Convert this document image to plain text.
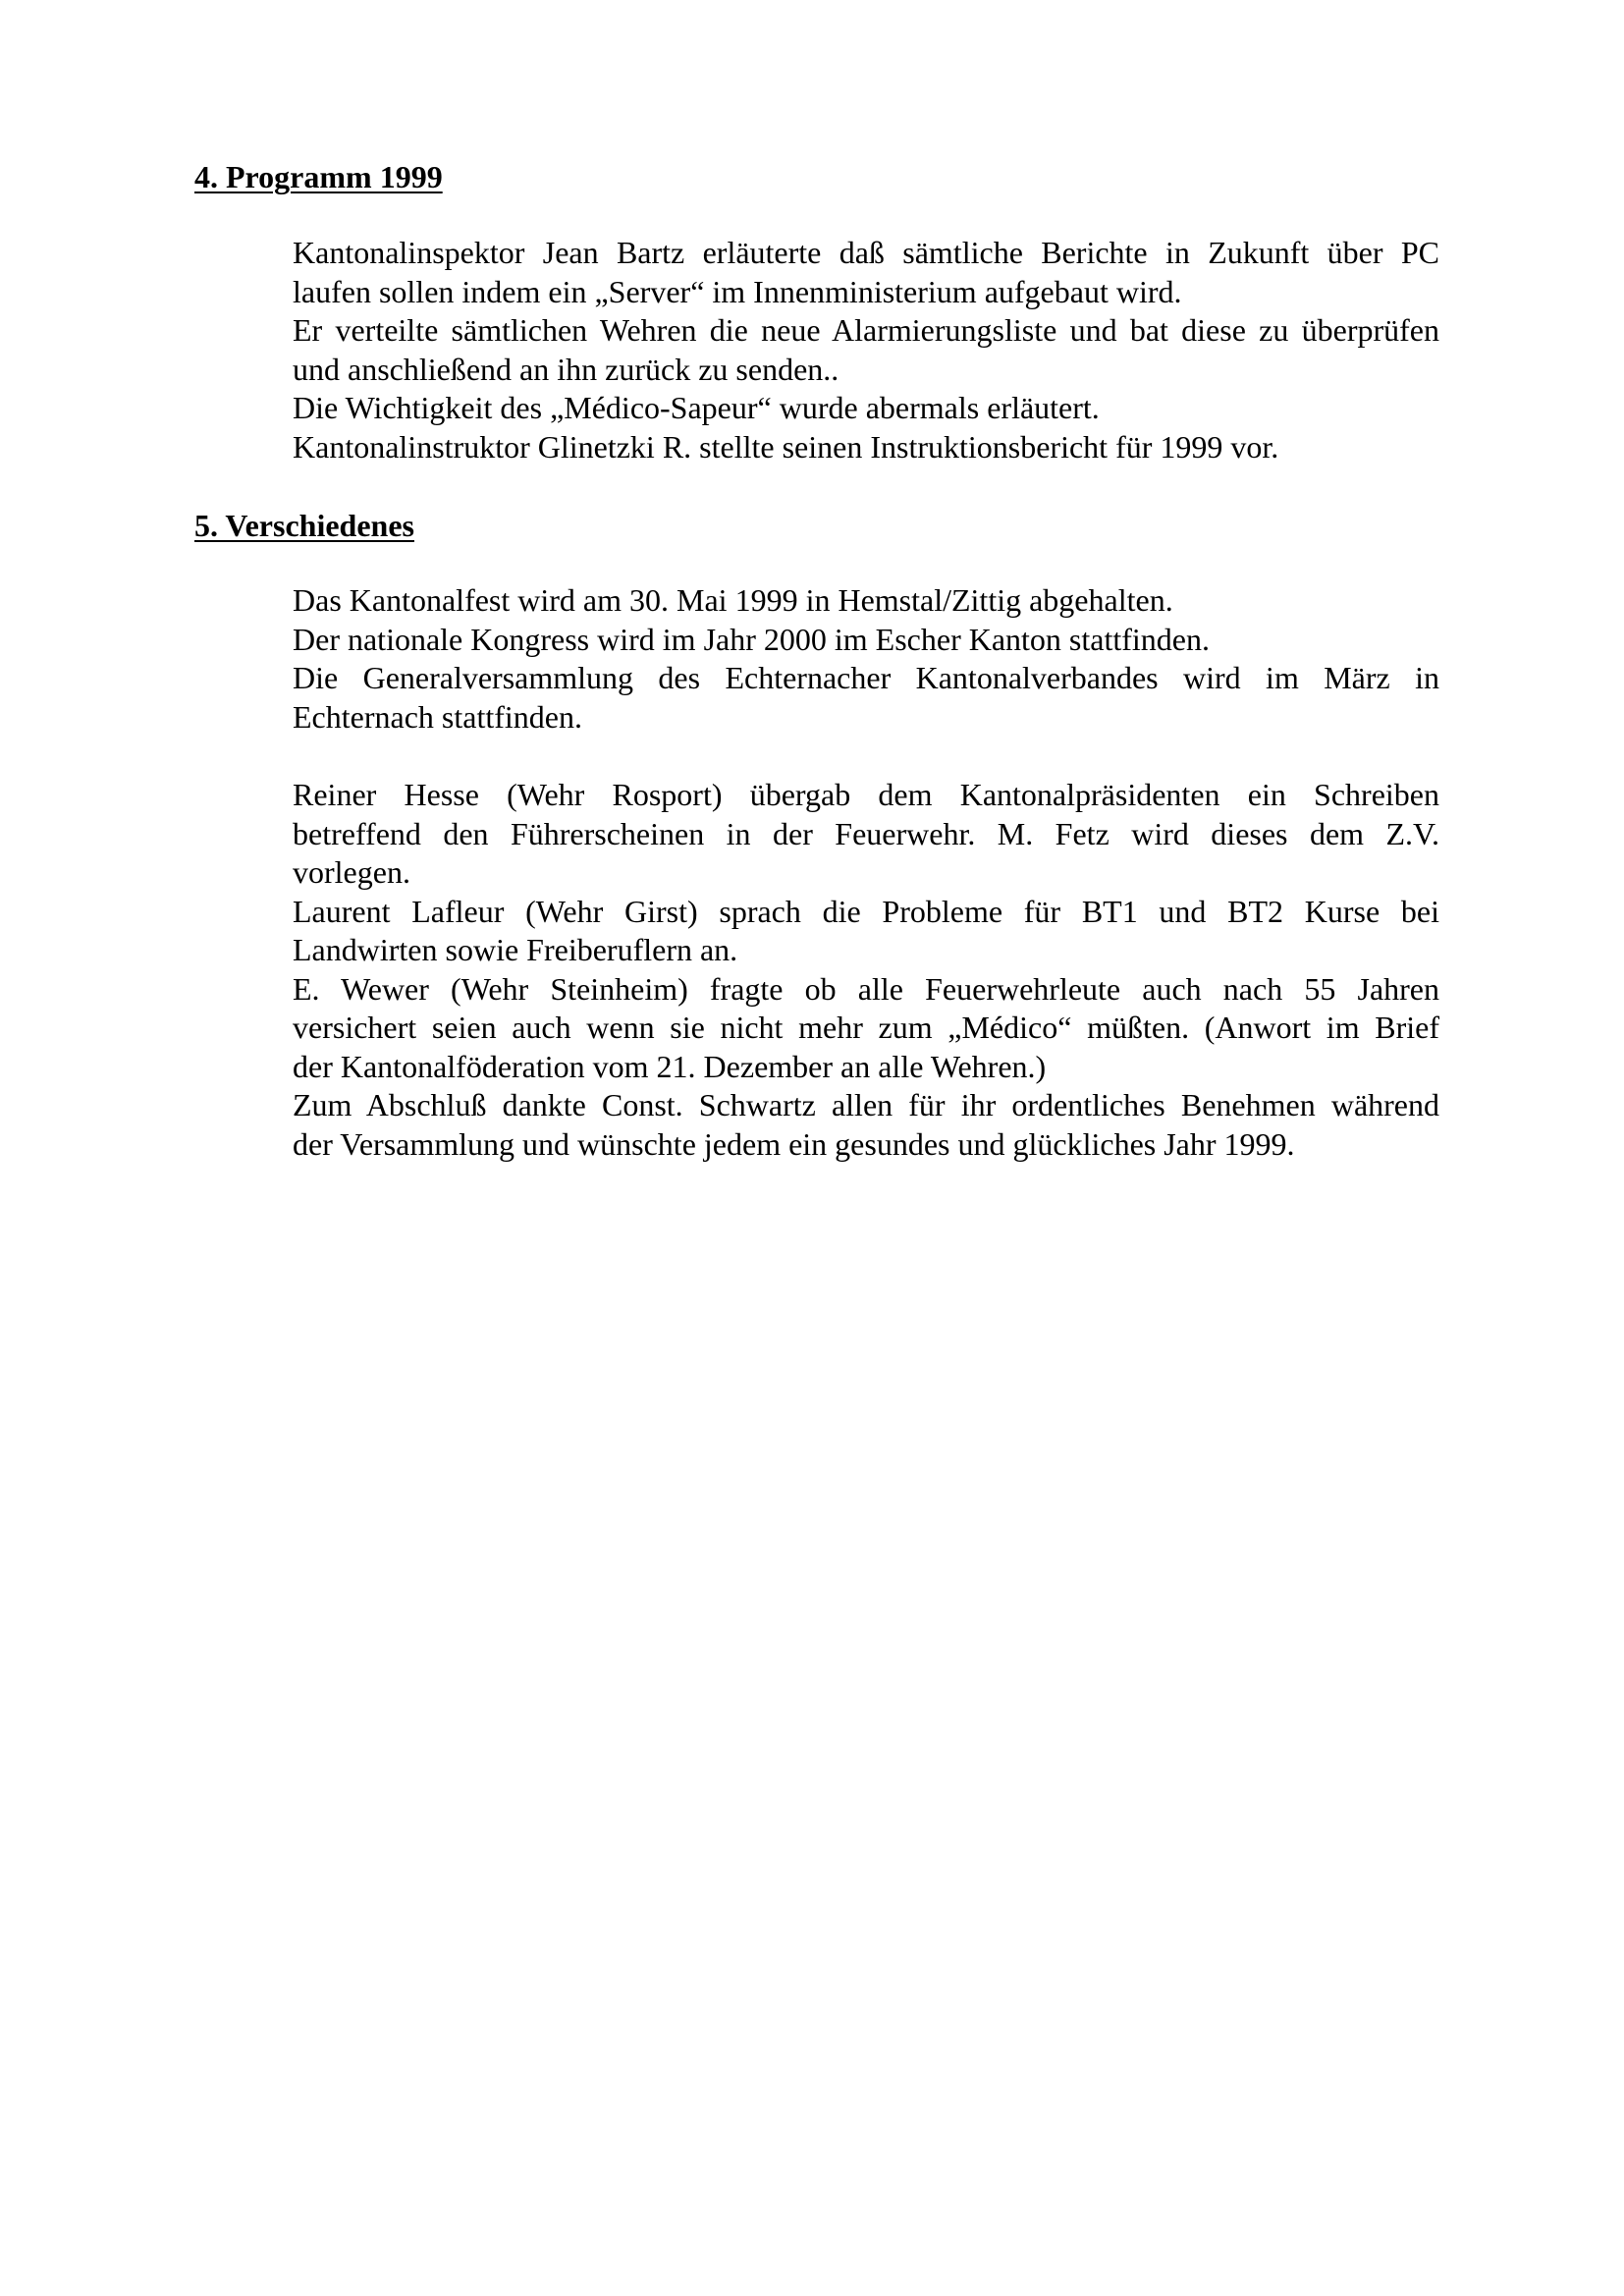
4. Programm 1999
Kantonalinspektor Jean Bartz erläuterte daß sämtliche Berichte in Zukunft über PC
laufen sollen indem ein „Server“ im Innenministerium aufgebaut wird.
Er verteilte sämtlichen Wehren die neue Alarmierungsliste und bat diese zu überprüfen
und anschließend an ihn zurück zu senden..
Die Wichtigkeit des „Médico-Sapeur“ wurde abermals erläutert.
Kantonalinstruktor Glinetzki R. stellte seinen Instruktionsbericht für 1999 vor.
5. Verschiedenes
Das Kantonalfest wird am 30. Mai 1999 in Hemstal/Zittig abgehalten.
Der nationale Kongress wird im Jahr 2000 im Escher Kanton stattfinden.
Die Generalversammlung des Echternacher Kantonalverbandes wird im März in
Echternach stattfinden.
Reiner Hesse (Wehr Rosport) übergab dem Kantonalpräsidenten ein Schreiben
betreffend den Führerscheinen in der Feuerwehr. M. Fetz wird dieses dem Z.V.
vorlegen.
Laurent Lafleur (Wehr Girst) sprach die Probleme für BT1 und BT2 Kurse bei
Landwirten sowie Freiberuflern an.
E. Wewer (Wehr Steinheim) fragte ob alle Feuerwehrleute auch nach 55 Jahren
versichert seien auch wenn sie nicht mehr zum „Médico“ müßten. (Anwort im Brief
der Kantonalföderation vom 21. Dezember an alle Wehren.)
Zum Abschluß dankte Const. Schwartz allen für ihr ordentliches Benehmen während
der Versammlung und wünschte jedem ein gesundes und glückliches Jahr 1999.
